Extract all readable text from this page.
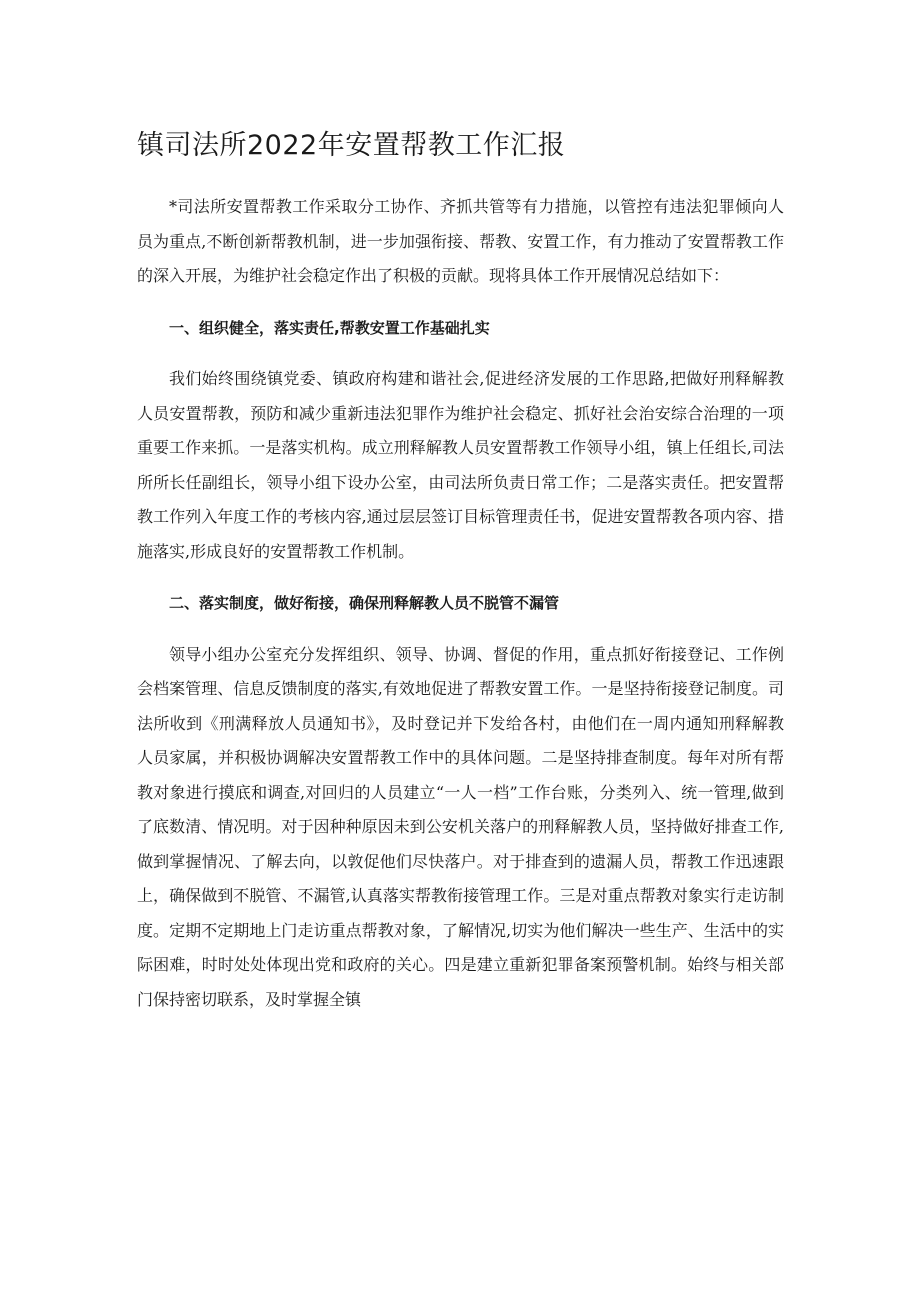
镇司法所2022年安置帮教工作汇报

*司法所安置帮教工作采取分工协作、齐抓共管等有力措施，以管控有违法犯罪倾向人员为重点,不断创新帮教机制，进一步加强衔接、帮教、安置工作，有力推动了安置帮教工作的深入开展，为维护社会稳定作出了积极的贡献。现将具体工作开展情况总结如下：

一、组织健全，落实责任,帮教安置工作基础扎实

我们始终围绕镇党委、镇政府构建和谐社会,促进经济发展的工作思路,把做好刑释解教人员安置帮教，预防和减少重新违法犯罪作为维护社会稳定、抓好社会治安综合治理的一项重要工作来抓。一是落实机构。成立刑释解教人员安置帮教工作领导小组，镇上任组长,司法所所长任副组长，领导小组下设办公室，由司法所负责日常工作；二是落实责任。把安置帮教工作列入年度工作的考核内容,通过层层签订目标管理责任书，促进安置帮教各项内容、措施落实,形成良好的安置帮教工作机制。

二、落实制度，做好衔接，确保刑释解教人员不脱管不漏管

领导小组办公室充分发挥组织、领导、协调、督促的作用，重点抓好衔接登记、工作例会档案管理、信息反馈制度的落实,有效地促进了帮教安置工作。一是坚持衔接登记制度。司法所收到《刑满释放人员通知书》，及时登记并下发给各村，由他们在一周内通知刑释解教人员家属，并积极协调解决安置帮教工作中的具体问题。二是坚持排查制度。每年对所有帮教对象进行摸底和调查,对回归的人员建立“一人一档”工作台账，分类列入、统一管理,做到了底数清、情况明。对于因种种原因未到公安机关落户的刑释解教人员，坚持做好排查工作,做到掌握情况、了解去向，以敦促他们尽快落户。对于排查到的遗漏人员，帮教工作迅速跟上，确保做到不脱管、不漏管,认真落实帮教衔接管理工作。三是对重点帮教对象实行走访制度。定期不定期地上门走访重点帮教对象，了解情况,切实为他们解决一些生产、生活中的实际困难，时时处处体现出党和政府的关心。四是建立重新犯罪备案预警机制。始终与相关部门保持密切联系，及时掌握全镇
